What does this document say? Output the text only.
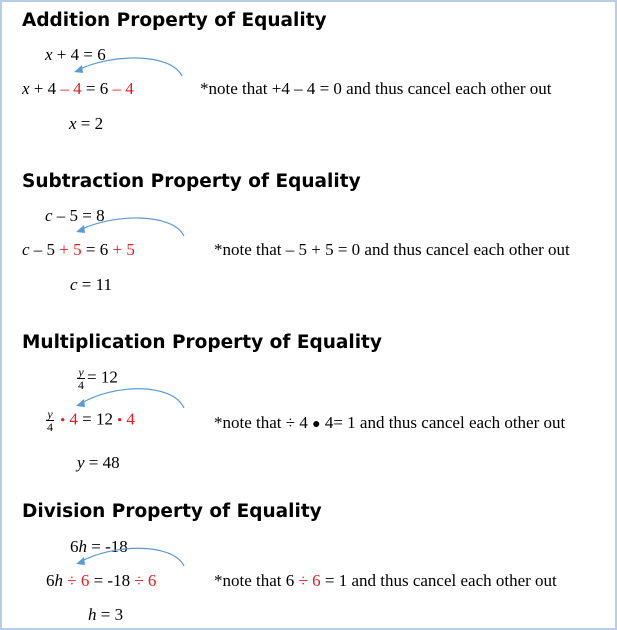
Addition Property of Equality
x + 4 = 6
x + 4 – 4 = 6 – 4	*note that +4 – 4 = 0 and thus cancel each other out
x = 2
Subtraction Property of Equality
c – 5 = 8
c – 5 + 5 = 6 + 5	*note that – 5 + 5 = 0 and thus cancel each other out
c = 11
Multiplication Property of Equality
$\frac{y}{4} = 12$
$\frac{y}{4}$ • 4 = 12 • 4	*note that ÷ 4 ● 4= 1 and thus cancel each other out
y = 48
Division Property of Equality
6h = -18
6h ÷ 6 = -18 ÷ 6	*note that 6 ÷ 6 = 1 and thus cancel each other out
h = 3
